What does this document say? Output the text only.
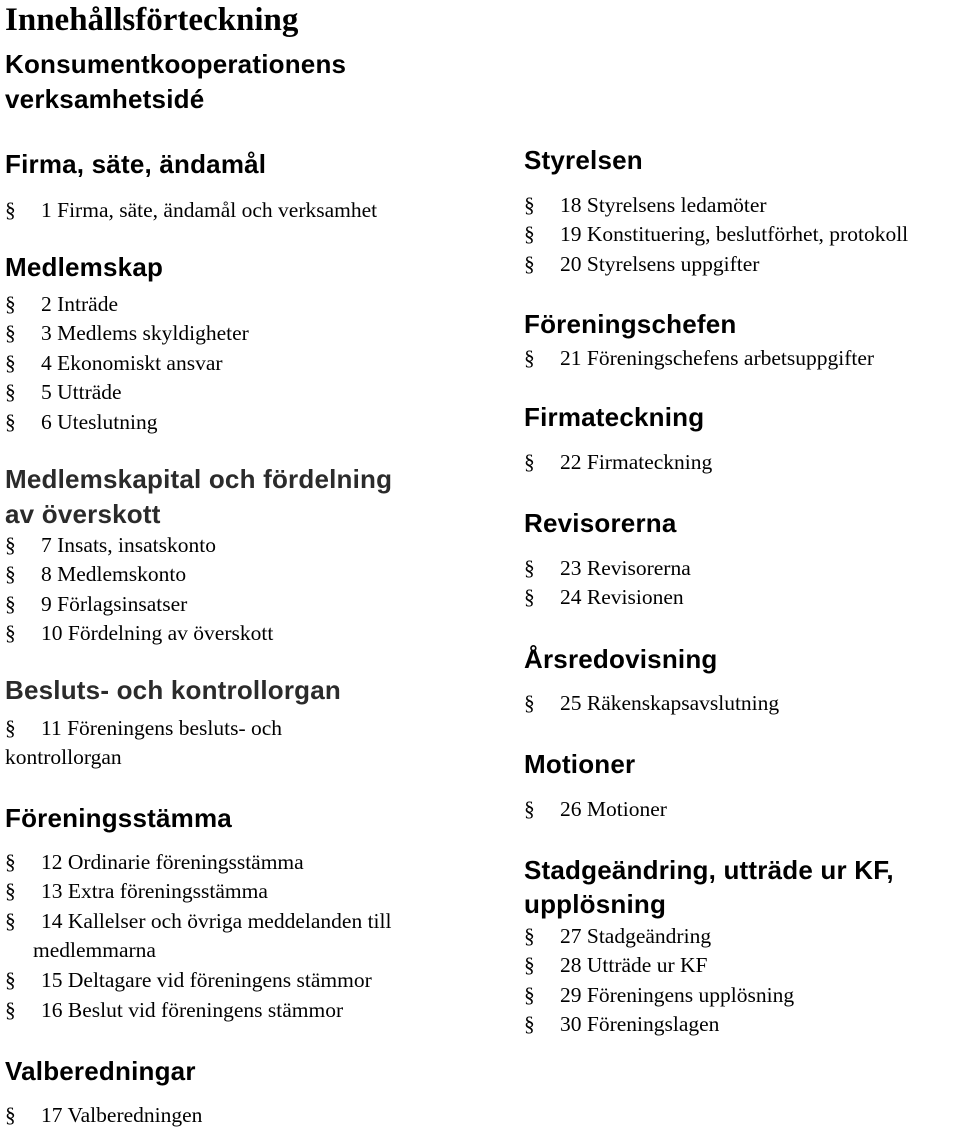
Innehållsförteckning
Konsumentkooperationens
verksamhetsidé
Firma, säte, ändamål
§ 1 Firma, säte, ändamål och verksamhet
Medlemskap
§ 2 Inträde
§ 3 Medlems skyldigheter
§ 4 Ekonomiskt ansvar
§ 5 Utträde
§ 6 Uteslutning
Medlemskapital och fördelning
av överskott
§ 7 Insats, insatskonto
§ 8 Medlemskonto
§ 9 Förlagsinsatser
§ 10 Fördelning av överskott
Besluts- och kontrollorgan
§ 11 Föreningens besluts- och
kontrollorgan
Föreningsstämma
§ 12 Ordinarie föreningsstämma
§ 13 Extra föreningsstämma
§ 14 Kallelser och övriga meddelanden till
medlemmarna
§ 15 Deltagare vid föreningens stämmor
§ 16 Beslut vid föreningens stämmor
Valberedningar
§ 17 Valberedningen
Styrelsen
§ 18 Styrelsens ledamöter
§ 19 Konstituering, beslutförhet, protokoll
§ 20 Styrelsens uppgifter
Föreningschefen
§ 21 Föreningschefens arbetsuppgifter
Firmateckning
§ 22 Firmateckning
Revisorerna
§ 23 Revisorerna
§ 24 Revisionen
Årsredovisning
§ 25 Räkenskapsavslutning
Motioner
§ 26 Motioner
Stadgeändring, utträde ur KF,
upplösning
§ 27 Stadgeändring
§ 28 Utträde ur KF
§ 29 Föreningens upplösning
§ 30 Föreningslagen
